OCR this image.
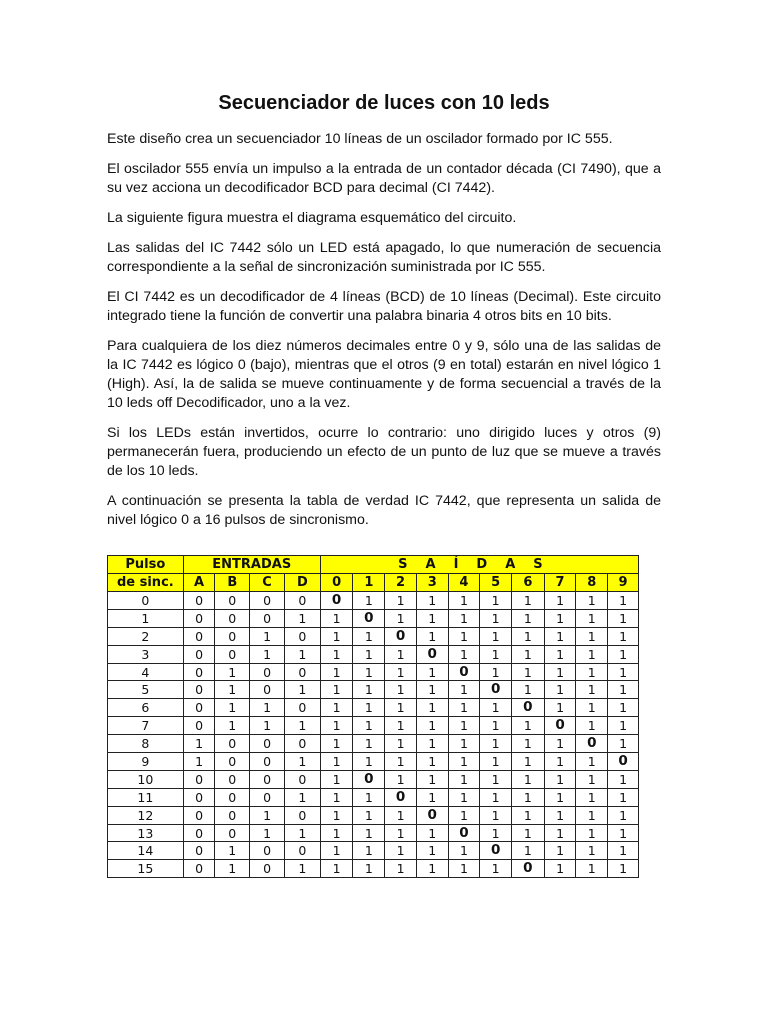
Secuenciador de luces con 10 leds

Este diseño crea un secuenciador 10 líneas de un oscilador formado por IC 555.

El oscilador 555 envía un impulso a la entrada de un contador década (CI 7490), que a su vez acciona un decodificador BCD para decimal (CI 7442).

La siguiente figura muestra el diagrama esquemático del circuito.

Las salidas del IC 7442 sólo un LED está apagado, lo que numeración de secuencia correspondiente a la señal de sincronización suministrada por IC 555.

El CI 7442 es un decodificador de 4 líneas (BCD) de 10 líneas (Decimal). Este circuito integrado tiene la función de convertir una palabra binaria 4 otros bits en 10 bits.

Para cualquiera de los diez números decimales entre 0 y 9, sólo una de las salidas de la IC 7442 es lógico 0 (bajo), mientras que el otros (9 en total) estarán en nivel lógico 1 (High). Así, la de salida se mueve continuamente y de forma secuencial a través de la 10 leds off Decodificador, uno a la vez.

Si los LEDs están invertidos, ocurre lo contrario: uno dirigido luces y otros (9) permanecerán fuera, produciendo un efecto de un punto de luz que se mueve a través de los 10 leds.

A continuación se presenta la tabla de verdad IC 7442, que representa un salida de nivel lógico 0 a 16 pulsos de sincronismo.

Pulso	ENTRADAS				SAÍDAS									
de sinc.	A	B	C	D	0	1	2	3	4	5	6	7	8	9
0	0	0	0	0	0	1	1	1	1	1	1	1	1	1
1	0	0	0	1	1	0	1	1	1	1	1	1	1	1
2	0	0	1	0	1	1	0	1	1	1	1	1	1	1
3	0	0	1	1	1	1	1	0	1	1	1	1	1	1
4	0	1	0	0	1	1	1	1	0	1	1	1	1	1
5	0	1	0	1	1	1	1	1	1	0	1	1	1	1
6	0	1	1	0	1	1	1	1	1	1	0	1	1	1
7	0	1	1	1	1	1	1	1	1	1	1	0	1	1
8	1	0	0	0	1	1	1	1	1	1	1	1	0	1
9	1	0	0	1	1	1	1	1	1	1	1	1	1	0
10	0	0	0	0	1	0	1	1	1	1	1	1	1	1
11	0	0	0	1	1	1	0	1	1	1	1	1	1	1
12	0	0	1	0	1	1	1	0	1	1	1	1	1	1
13	0	0	1	1	1	1	1	1	0	1	1	1	1	1
14	0	1	0	0	1	1	1	1	1	0	1	1	1	1
15	0	1	0	1	1	1	1	1	1	1	0	1	1	1
